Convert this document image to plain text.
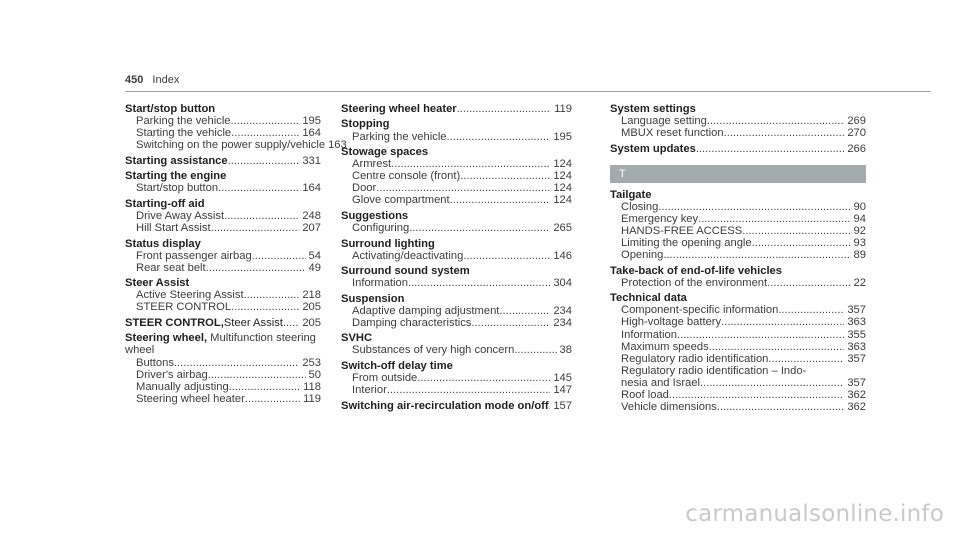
450 Index
Start/stop button
Parking the vehicle .....	195
Starting the vehicle .....	164
Switching on the power supply/vehicle 163
Starting assistance .....	331
Starting the engine
Start/stop button .....	164
Starting-off aid
Drive Away Assist .....	248
Hill Start Assist .....	207
Status display
Front passenger airbag .....	54
Rear seat belt .....	49
Steer Assist
Active Steering Assist .....	218
STEER CONTROL .....	205
STEER CONTROL, Steer Assist ..... 205
Steering wheel, Multifunction steering
wheel
Buttons .....	253
Driver's airbag .....	50
Manually adjusting .....	118
Steering wheel heater .....	119
Steering wheel heater .....	119
Stopping
Parking the vehicle .....	195
Stowage spaces
Armrest .....	124
Centre console (front) .....	124
Door .....	124
Glove compartment .....	124
Suggestions
Configuring .....	265
Surround lighting
Activating/deactivating .....	146
Surround sound system
Information .....	304
Suspension
Adaptive damping adjustment .....	234
Damping characteristics .....	234
SVHC
Substances of very high concern .....	38
Switch-off delay time
From outside .....	145
Interior .....	147
Switching air-recirculation mode on/off ..... 157
System settings
Language setting .....	269
MBUX reset function .....	270
System updates .....	266
T
Tailgate
Closing .....	90
Emergency key .....	94
HANDS-FREE ACCESS .....	92
Limiting the opening angle .....	93
Opening .....	89
Take-back of end-of-life vehicles
Protection of the environment .....	22
Technical data
Component-specific information .....	357
High-voltage battery .....	363
Information .....	355
Maximum speeds .....	363
Regulatory radio identification .....	357
Regulatory radio identification – Indo-
nesia and Israel .....	357
Roof load .....	362
Vehicle dimensions .....	362
carmanualsonline.info
